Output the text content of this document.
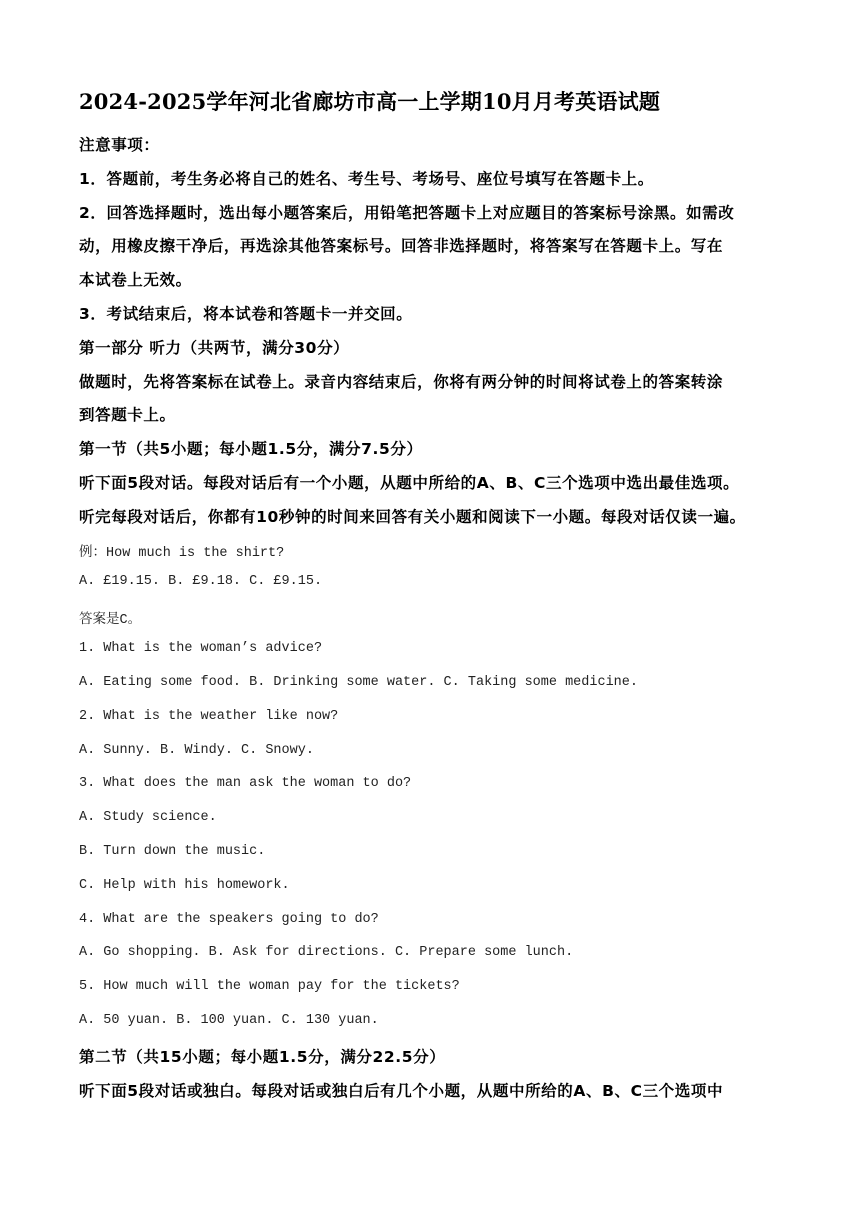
2024-2025学年河北省廊坊市高一上学期10月月考英语试题
注意事项：
1．答题前，考生务必将自己的姓名、考生号、考场号、座位号填写在答题卡上。
2．回答选择题时，选出每小题答案后，用铅笔把答题卡上对应题目的答案标号涂黑。如需改
动，用橡皮擦干净后，再选涂其他答案标号。回答非选择题时，将答案写在答题卡上。写在
本试卷上无效。
3．考试结束后，将本试卷和答题卡一并交回。
第一部分 听力（共两节，满分30分）
做题时，先将答案标在试卷上。录音内容结束后，你将有两分钟的时间将试卷上的答案转涂
到答题卡上。
第一节（共5小题；每小题1.5分，满分7.5分）
听下面5段对话。每段对话后有一个小题，从题中所给的A、B、C三个选项中选出最佳选项。
听完每段对话后，你都有10秒钟的时间来回答有关小题和阅读下一小题。每段对话仅读一遍。
例：How much is the shirt?
A. £19.15. B. £9.18. C. £9.15.
答案是C。
1. What is the woman’s advice?
A. Eating some food. B. Drinking some water. C. Taking some medicine.
2. What is the weather like now?
A. Sunny. B. Windy. C. Snowy.
3. What does the man ask the woman to do?
A. Study science.
B. Turn down the music.
C. Help with his homework.
4. What are the speakers going to do?
A. Go shopping. B. Ask for directions. C. Prepare some lunch.
5. How much will the woman pay for the tickets?
A. 50 yuan. B. 100 yuan. C. 130 yuan.
第二节（共15小题；每小题1.5分，满分22.5分）
听下面5段对话或独白。每段对话或独白后有几个小题，从题中所给的A、B、C三个选项中
